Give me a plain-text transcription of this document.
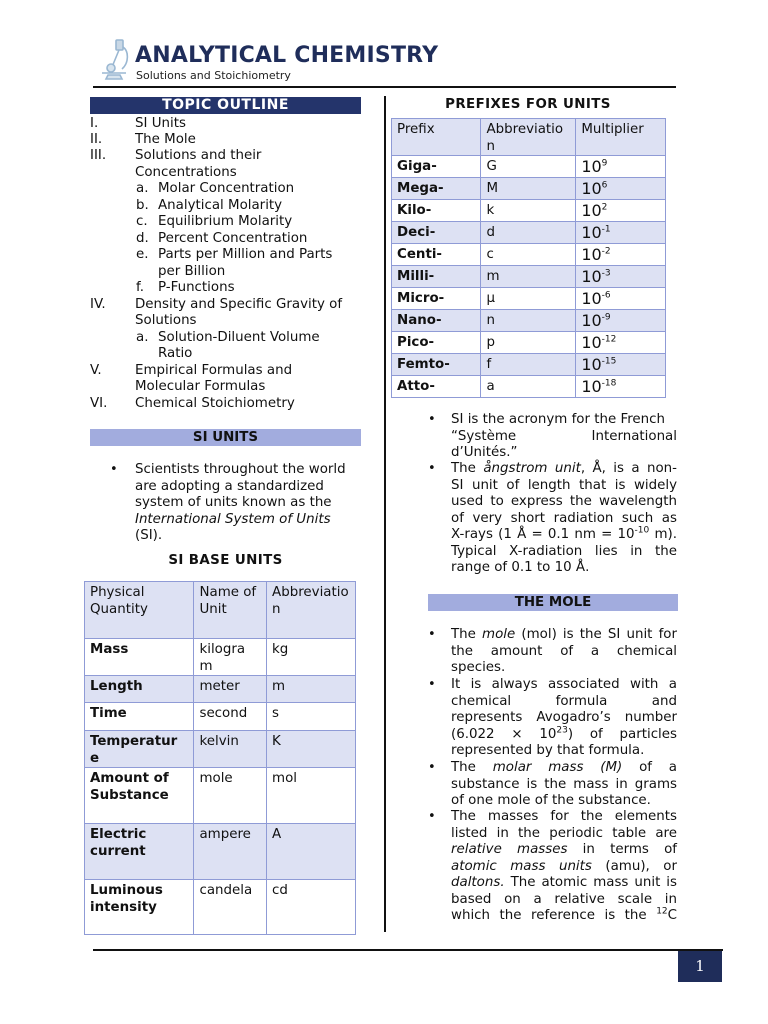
ANALYTICAL CHEMISTRY
Solutions and Stoichiometry
TOPIC OUTLINE
I.	SI Units
II. The Mole
III. Solutions and their
Concentrations
a. Molar Concentration
b. Analytical Molarity
c. Equilibrium Molarity
d. Percent Concentration
e. Parts per Million and Parts
per Billion
f. P-Functions
IV. Density and Specific Gravity of
Solutions
a. Solution-Diluent Volume
Ratio
V. Empirical Formulas and
Molecular Formulas
VI. Chemical Stoichiometry
SI UNITS
• Scientists throughout the world
are adopting a standardized
system of units known as the
International System of Units
(SI).
SI BASE UNITS
Physical Quantity	Name of Unit	Abbreviatio n
Mass	kilogra m	kg
Length	meter	m
Time	second	s
Temperatur e	kelvin	K
Amount of Substance	mole	mol
Electric current	ampere	A
Luminous intensity	candela	cd
PREFIXES FOR UNITS
Prefix	Abbreviatio n	Multiplier
Giga-	G	$10^9$
Mega-	M	$10^6$
Kilo-	k	$10^2$
Deci-	d	$10^{-1}$
Centi-	c	$10^{-2}$
Milli-	m	$10^{-3}$
Micro-	µ	$10^{-6}$
Nano-	n	$10^{-9}$
Pico-	p	$10^{-12}$
Femto-	f	$10^{-15}$
Atto-	a	$10^{-18}$
• SI is the acronym for the French
“Système International
d’Unités.”
• The ångstrom unit, Å, is a non-
SI unit of length that is widely
used to express the wavelength
of very short radiation such as
X-rays (1 Å = 0.1 nm = $10^{-10}$ m).
Typical X-radiation lies in the
range of 0.1 to 10 Å.
THE MOLE
• The mole (mol) is the SI unit for
the amount of a chemical
species.
• It is always associated with a
chemical formula and
represents Avogadro’s number
$(6.022 \times 10^{23})$ of particles
represented by that formula.
• The molar mass (M) of a
substance is the mass in grams
of one mole of the substance.
• The masses for the elements
listed in the periodic table are
relative masses in terms of
atomic mass units (amu), or
daltons. The atomic mass unit is
based on a relative scale in
which the reference is the $^{12}$C
1
